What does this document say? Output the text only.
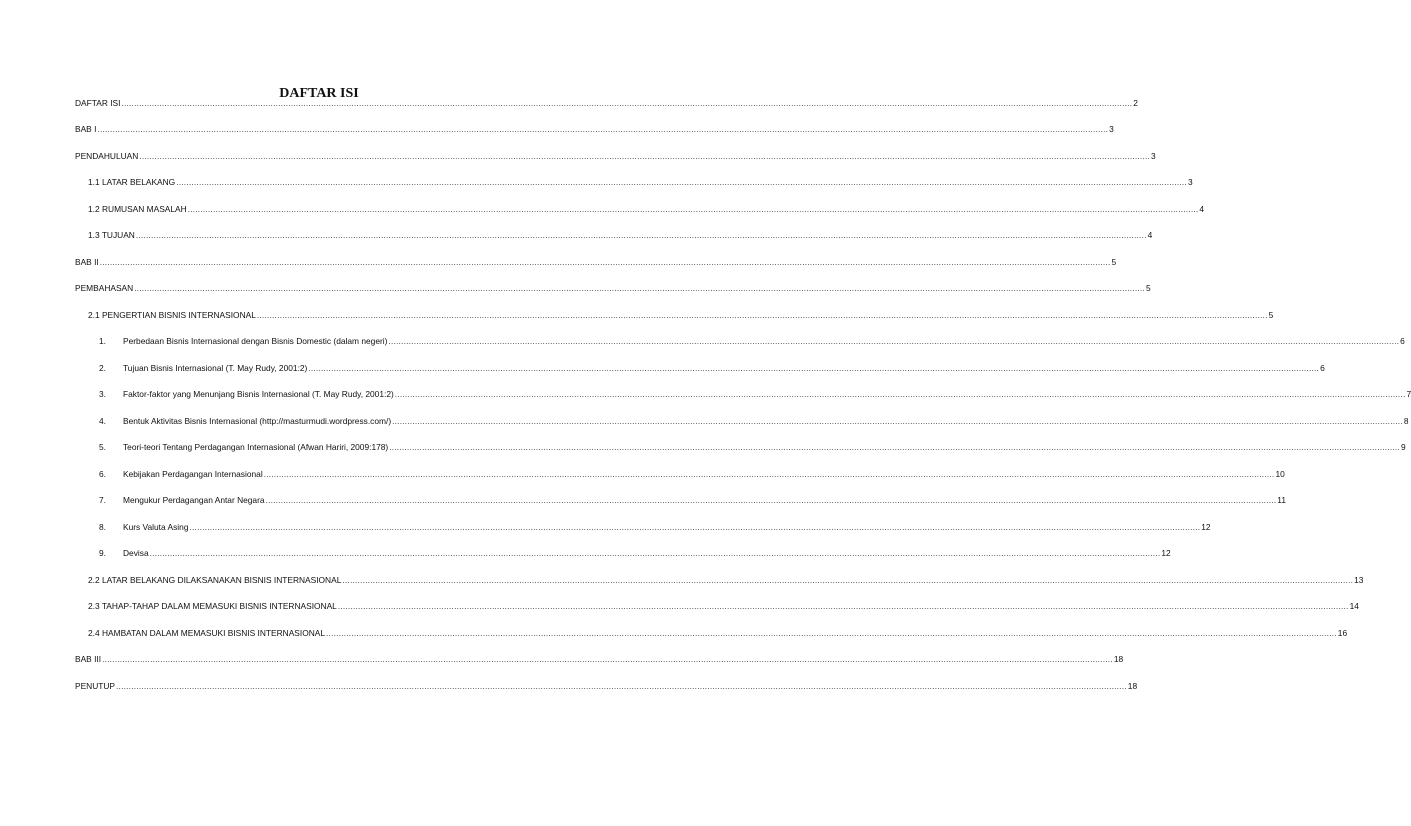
DAFTAR ISI
DAFTAR ISI ................................................................................................................................................................................................................................................................................................................................................................................................................ 2
BAB I ................................................................................................................................................................................................................................................................................................................................................................................................................ 3
PENDAHULUAN ................................................................................................................................................................................................................................................................................................................................................................................................................ 3
1.1 LATAR BELAKANG ................................................................................................................................................................................................................................................................................................................................................................................................................ 3
1.2 RUMUSAN MASALAH ................................................................................................................................................................................................................................................................................................................................................................................................................ 4
1.3 TUJUAN ................................................................................................................................................................................................................................................................................................................................................................................................................ 4
BAB II ................................................................................................................................................................................................................................................................................................................................................................................................................ 5
PEMBAHASAN ................................................................................................................................................................................................................................................................................................................................................................................................................ 5
2.1 PENGERTIAN BISNIS INTERNASIONAL ................................................................................................................................................................................................................................................................................................................................................................................................................ 5
1.	Perbedaan Bisnis Internasional dengan Bisnis Domestic (dalam negeri) ................................................................................................................................................................................................................................................................................................................................................................................................................ 6
2.	Tujuan Bisnis Internasional (T. May Rudy, 2001:2) ................................................................................................................................................................................................................................................................................................................................................................................................................ 6
3.	Faktor-faktor yang Menunjang Bisnis Internasional (T. May Rudy, 2001:2) ................................................................................................................................................................................................................................................................................................................................................................................................................ 7
4.	Bentuk Aktivitas Bisnis Internasional (http://masturmudi.wordpress.com/) ................................................................................................................................................................................................................................................................................................................................................................................................................ 8
5.	Teori-teori Tentang Perdagangan Internasional (Afwan Hariri, 2009:178) ................................................................................................................................................................................................................................................................................................................................................................................................................ 9
6.	Kebijakan Perdagangan Internasional ................................................................................................................................................................................................................................................................................................................................................................................................................ 10
7.	Mengukur Perdagangan Antar Negara ................................................................................................................................................................................................................................................................................................................................................................................................................ 11
8.	Kurs Valuta Asing ................................................................................................................................................................................................................................................................................................................................................................................................................ 12
9.	Devisa ................................................................................................................................................................................................................................................................................................................................................................................................................ 12
2.2 LATAR BELAKANG DILAKSANAKAN BISNIS INTERNASIONAL ................................................................................................................................................................................................................................................................................................................................................................................................................ 13
2.3 TAHAP-TAHAP DALAM MEMASUKI BISNIS INTERNASIONAL ................................................................................................................................................................................................................................................................................................................................................................................................................ 14
2.4 HAMBATAN DALAM MEMASUKI BISNIS INTERNASIONAL ................................................................................................................................................................................................................................................................................................................................................................................................................ 16
BAB III ................................................................................................................................................................................................................................................................................................................................................................................................................ 18
PENUTUP ................................................................................................................................................................................................................................................................................................................................................................................................................ 18
